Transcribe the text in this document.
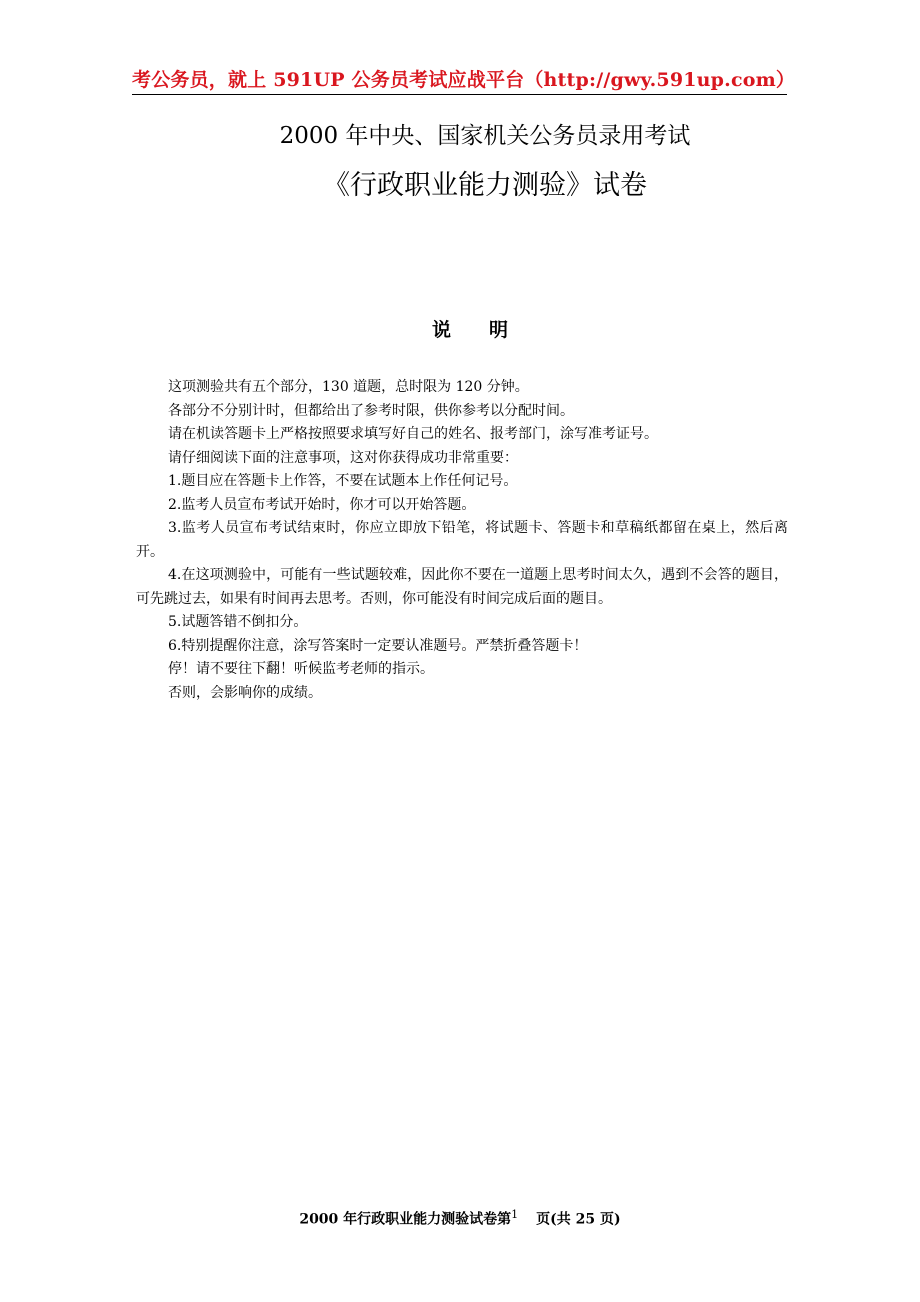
考公务员，就上 591UP 公务员考试应战平台（http://gwy.591up.com）
2000 年中央、国家机关公务员录用考试
《行政职业能力测验》试卷
说明

这项测验共有五个部分，130 道题，总时限为 120 分钟。

各部分不分别计时，但都给出了参考时限，供你参考以分配时间。

请在机读答题卡上严格按照要求填写好自己的姓名、报考部门，涂写准考证号。

请仔细阅读下面的注意事项，这对你获得成功非常重要：

1.题目应在答题卡上作答，不要在试题本上作任何记号。

2.监考人员宣布考试开始时，你才可以开始答题。

3.监考人员宣布考试结束时，你应立即放下铅笔，将试题卡、答题卡和草稿纸都留在桌上，然后离开。

4.在这项测验中，可能有一些试题较难，因此你不要在一道题上思考时间太久，遇到不会答的题目，可先跳过去，如果有时间再去思考。否则，你可能没有时间完成后面的题目。

5.试题答错不倒扣分。

6.特别提醒你注意，涂写答案时一定要认准题号。严禁折叠答题卡！

停！请不要往下翻！听候监考老师的指示。

否则，会影响你的成绩。

2000 年行政职业能力测验试卷第$^1$ 页(共 25 页)
